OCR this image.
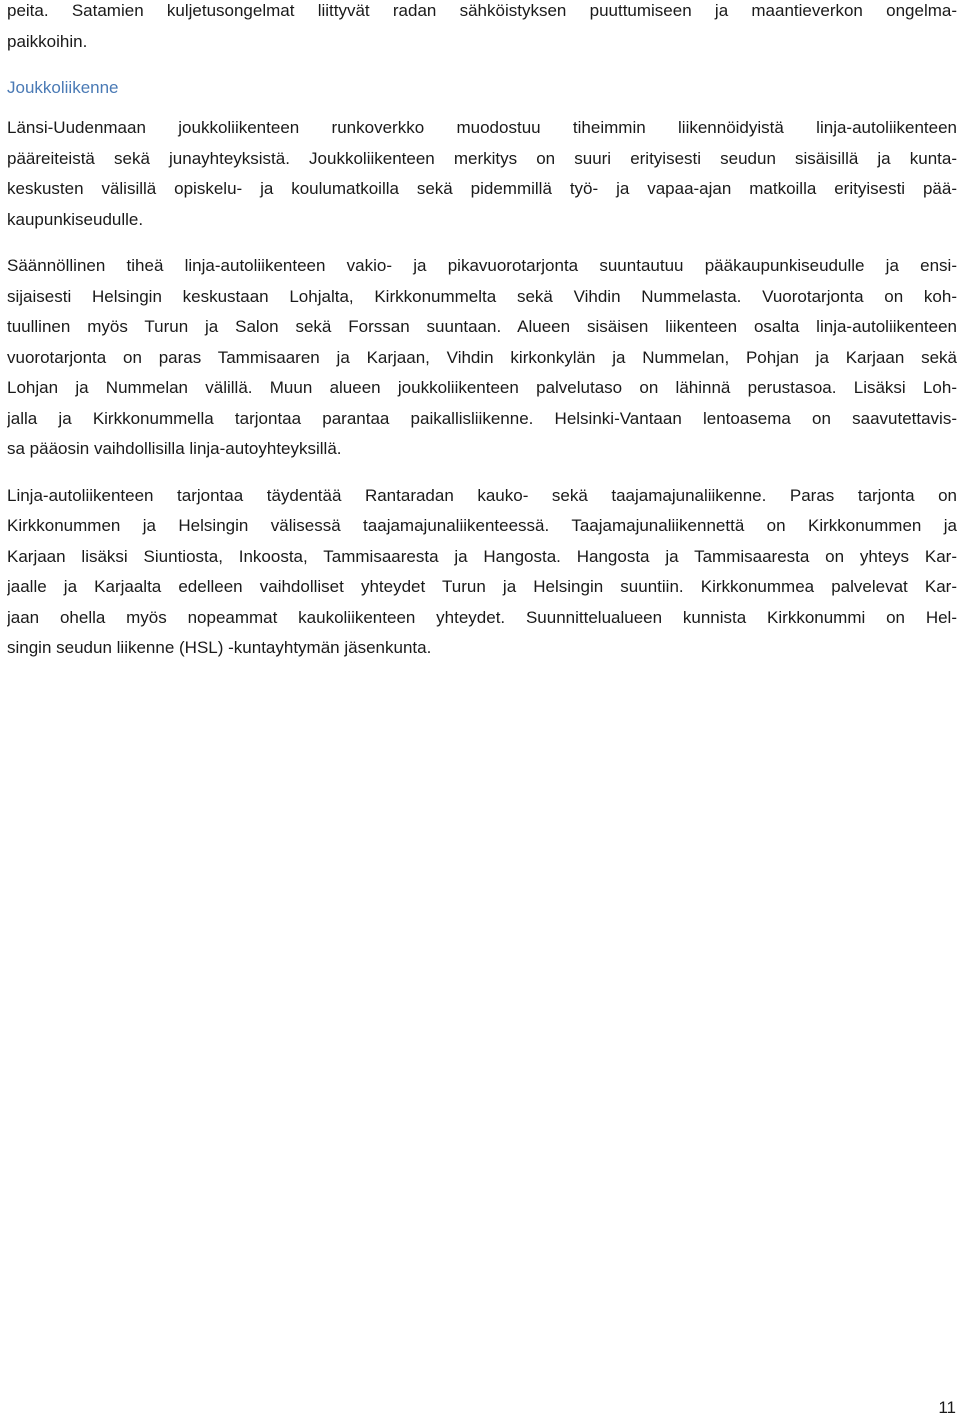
peita. Satamien kuljetusongelmat liittyvät radan sähköistyksen puuttumiseen ja maantieverkon ongelma-
paikkoihin.
Joukkoliikenne
Länsi-Uudenmaan joukkoliikenteen runkoverkko muodostuu tiheimmin liikennöidyistä linja-autoliikenteen
pääreiteistä sekä junayhteyksistä. Joukkoliikenteen merkitys on suuri erityisesti seudun sisäisillä ja kunta-
keskusten välisillä opiskelu- ja koulumatkoilla sekä pidemmillä työ- ja vapaa-ajan matkoilla erityisesti pää-
kaupunkiseudulle.
Säännöllinen tiheä linja-autoliikenteen vakio- ja pikavuorotarjonta suuntautuu pääkaupunkiseudulle ja ensi-
sijaisesti Helsingin keskustaan Lohjalta, Kirkkonummelta sekä Vihdin Nummelasta. Vuorotarjonta on koh-
tuullinen myös Turun ja Salon sekä Forssan suuntaan. Alueen sisäisen liikenteen osalta linja-autoliikenteen
vuorotarjonta on paras Tammisaaren ja Karjaan, Vihdin kirkonkylän ja Nummelan, Pohjan ja Karjaan sekä
Lohjan ja Nummelan välillä. Muun alueen joukkoliikenteen palvelutaso on lähinnä perustasoa. Lisäksi Loh-
jalla ja Kirkkonummella tarjontaa parantaa paikallisliikenne. Helsinki-Vantaan lentoasema on saavutettavis-
sa pääosin vaihdollisilla linja-autoyhteyksillä.
Linja-autoliikenteen tarjontaa täydentää Rantaradan kauko- sekä taajamajunaliikenne. Paras tarjonta on
Kirkkonummen ja Helsingin välisessä taajamajunaliikenteessä. Taajamajunaliikennettä on Kirkkonummen ja
Karjaan lisäksi Siuntiosta, Inkoosta, Tammisaaresta ja Hangosta. Hangosta ja Tammisaaresta on yhteys Kar-
jaalle ja Karjaalta edelleen vaihdolliset yhteydet Turun ja Helsingin suuntiin. Kirkkonummea palvelevat Kar-
jaan ohella myös nopeammat kaukoliikenteen yhteydet. Suunnittelualueen kunnista Kirkkonummi on Hel-
singin seudun liikenne (HSL) -kuntayhtymän jäsenkunta.
11
